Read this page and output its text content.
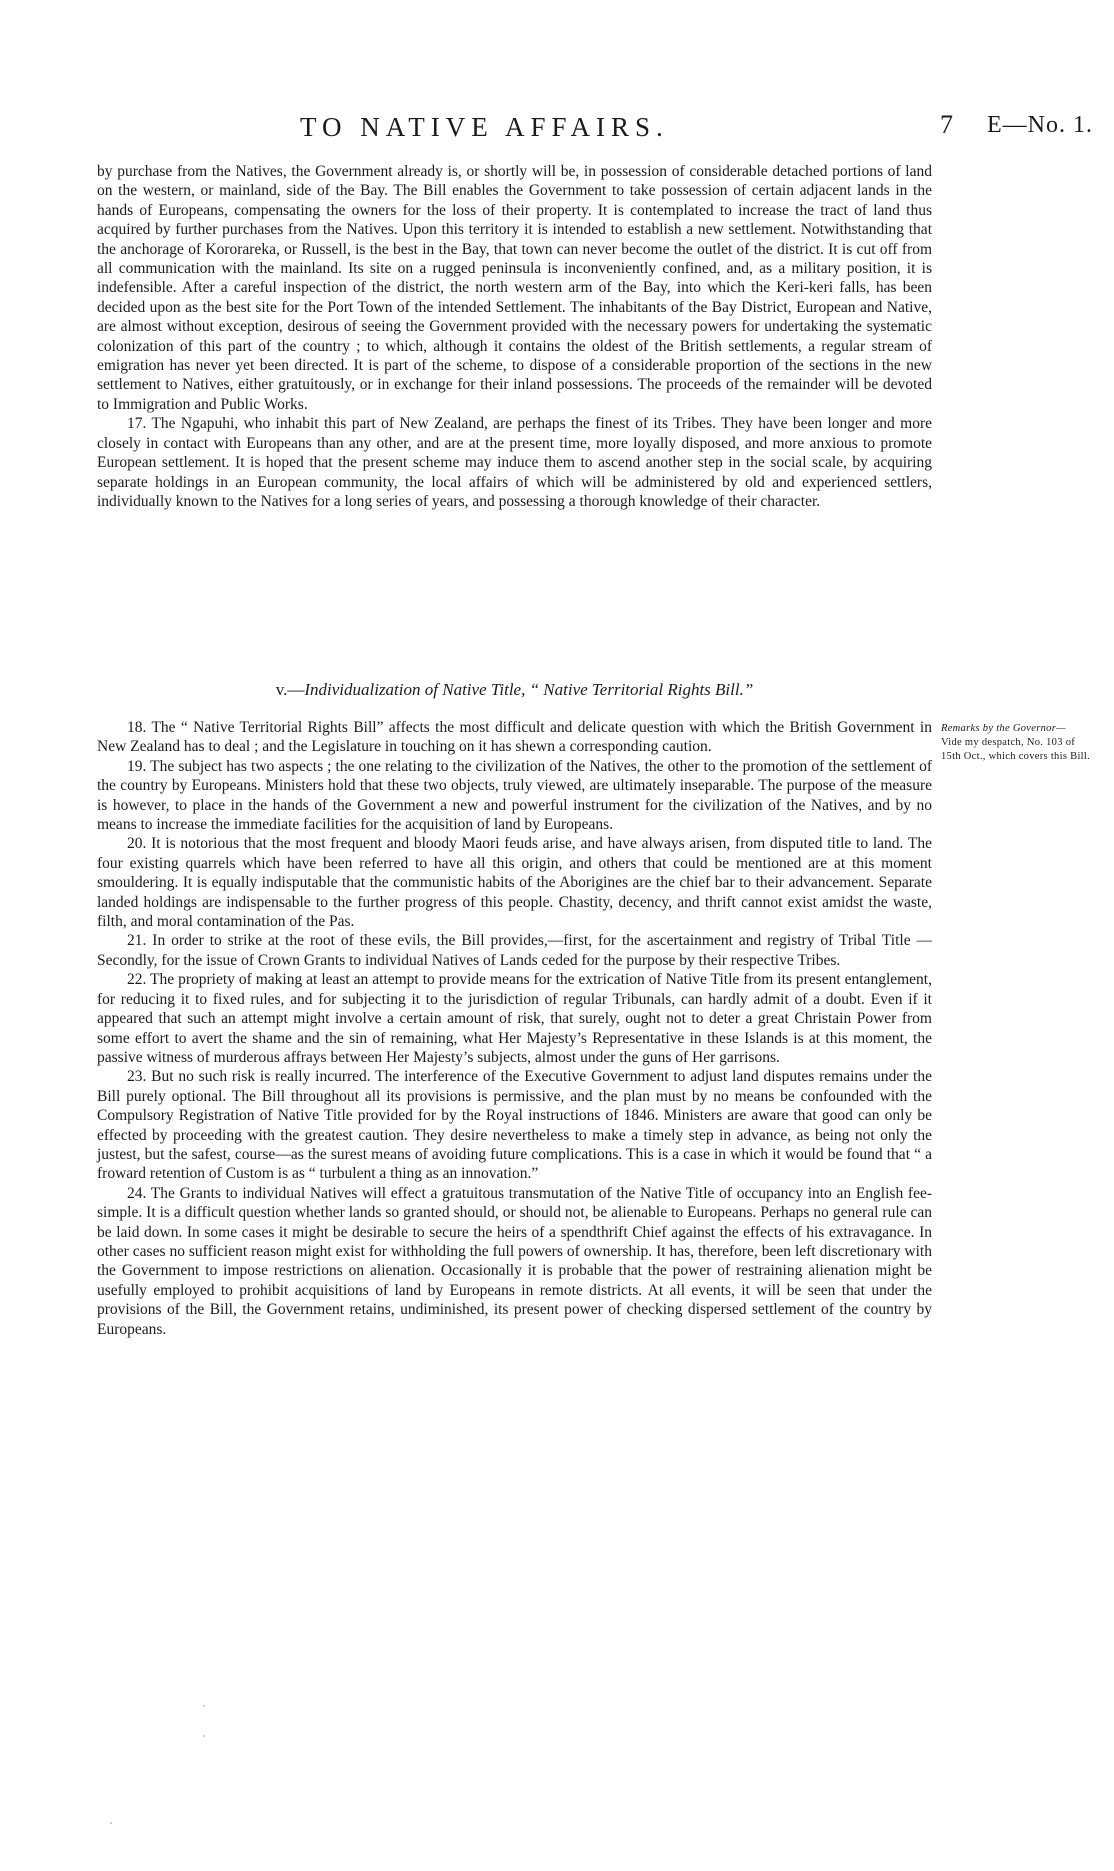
TO NATIVE AFFAIRS.	7 E—No. 1.

by purchase from the Natives, the Government already is, or shortly will be, in possession of considerable detached portions of land on the western, or mainland, side of the Bay. The Bill enables the Government to take possession of certain adjacent lands in the hands of Europeans, compensating the owners for the loss of their property. It is contemplated to increase the tract of land thus acquired by further purchases from the Natives. Upon this territory it is intended to establish a new settlement. Notwithstanding that the anchorage of Kororareka, or Russell, is the best in the Bay, that town can never become the outlet of the district. It is cut off from all communication with the mainland. Its site on a rugged peninsula is inconveniently confined, and, as a military position, it is indefensible. After a careful inspection of the district, the north western arm of the Bay, into which the Keri-keri falls, has been decided upon as the best site for the Port Town of the intended Settlement. The inhabitants of the Bay District, European and Native, are almost without exception, desirous of seeing the Government provided with the necessary powers for undertaking the systematic colonization of this part of the country ; to which, although it contains the oldest of the British settlements, a regular stream of emigration has never yet been directed. It is part of the scheme, to dispose of a considerable proportion of the sections in the new settlement to Natives, either gratuitously, or in exchange for their inland possessions. The proceeds of the remainder will be devoted to Immigration and Public Works.

17. The Ngapuhi, who inhabit this part of New Zealand, are perhaps the finest of its Tribes. They have been longer and more closely in contact with Europeans than any other, and are at the present time, more loyally disposed, and more anxious to promote European settlement. It is hoped that the present scheme may induce them to ascend another step in the social scale, by acquiring separate holdings in an European community, the local affairs of which will be administered by old and experienced settlers, individually known to the Natives for a long series of years, and possessing a thorough knowledge of their character.

v.—Individualization of Native Title, “ Native Territorial Rights Bill.”
Remarks by the Governor—
Vide my despatch, No. 103 of 15th Oct., which covers this Bill.

18. The “ Native Territorial Rights Bill” affects the most difficult and delicate question with which the British Government in New Zealand has to deal ; and the Legislature in touching on it has shewn a corresponding caution.

19. The subject has two aspects ; the one relating to the civilization of the Natives, the other to the promotion of the settlement of the country by Europeans. Ministers hold that these two objects, truly viewed, are ultimately inseparable. The purpose of the measure is however, to place in the hands of the Government a new and powerful instrument for the civilization of the Natives, and by no means to increase the immediate facilities for the acquisition of land by Europeans.

20. It is notorious that the most frequent and bloody Maori feuds arise, and have always arisen, from disputed title to land. The four existing quarrels which have been referred to have all this origin, and others that could be mentioned are at this moment smouldering. It is equally indisputable that the communistic habits of the Aborigines are the chief bar to their advancement. Separate landed holdings are indispensable to the further progress of this people. Chastity, decency, and thrift cannot exist amidst the waste, filth, and moral contamination of the Pas.

21. In order to strike at the root of these evils, the Bill provides,—first, for the ascertainment and registry of Tribal Title —Secondly, for the issue of Crown Grants to individual Natives of Lands ceded for the purpose by their respective Tribes.

22. The propriety of making at least an attempt to provide means for the extrication of Native Title from its present entanglement, for reducing it to fixed rules, and for subjecting it to the jurisdiction of regular Tribunals, can hardly admit of a doubt. Even if it appeared that such an attempt might involve a certain amount of risk, that surely, ought not to deter a great Christain Power from some effort to avert the shame and the sin of remaining, what Her Majesty’s Representative in these Islands is at this moment, the passive witness of murderous affrays between Her Majesty’s subjects, almost under the guns of Her garrisons.

23. But no such risk is really incurred. The interference of the Executive Government to adjust land disputes remains under the Bill purely optional. The Bill throughout all its provisions is permissive, and the plan must by no means be confounded with the Compulsory Registration of Native Title provided for by the Royal instructions of 1846. Ministers are aware that good can only be effected by proceeding with the greatest caution. They desire nevertheless to make a timely step in advance, as being not only the justest, but the safest, course—as the surest means of avoiding future complications. This is a case in which it would be found that “ a froward retention of Custom is as “ turbulent a thing as an innovation.”

24. The Grants to individual Natives will effect a gratuitous transmutation of the Native Title of occupancy into an English fee-simple. It is a difficult question whether lands so granted should, or should not, be alienable to Europeans. Perhaps no general rule can be laid down. In some cases it might be desirable to secure the heirs of a spendthrift Chief against the effects of his extravagance. In other cases no sufficient reason might exist for withholding the full powers of ownership. It has, therefore, been left discretionary with the Government to impose restrictions on alienation. Occasionally it is probable that the power of restraining alienation might be usefully employed to prohibit acquisitions of land by Europeans in remote districts. At all events, it will be seen that under the provisions of the Bill, the Government retains, undiminished, its present power of checking dispersed settlement of the country by Europeans.
